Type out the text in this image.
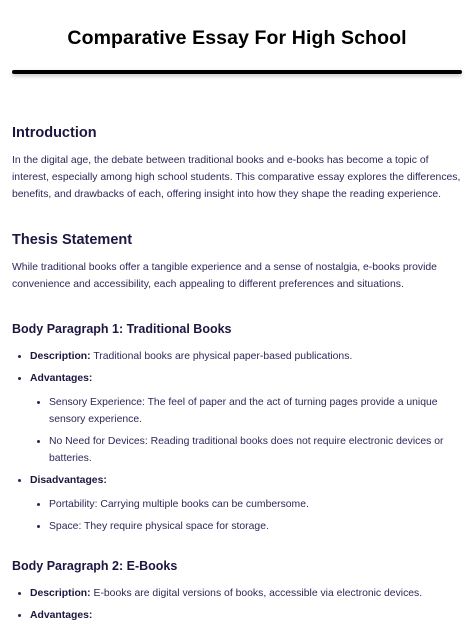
Comparative Essay For High School
Introduction

In the digital age, the debate between traditional books and e-books has become a topic of interest, especially among high school students. This comparative essay explores the differences, benefits, and drawbacks of each, offering insight into how they shape the reading experience.

Thesis Statement

While traditional books offer a tangible experience and a sense of nostalgia, e-books provide convenience and accessibility, each appealing to different preferences and situations.

Body Paragraph 1: Traditional Books
• Description: Traditional books are physical paper-based publications.
• Advantages:
• Sensory Experience: The feel of paper and the act of turning pages provide a unique sensory experience.
• No Need for Devices: Reading traditional books does not require electronic devices or batteries.
• Disadvantages:
• Portability: Carrying multiple books can be cumbersome.
• Space: They require physical space for storage.
Body Paragraph 2: E-Books
• Description: E-books are digital versions of books, accessible via electronic devices.
• Advantages:
